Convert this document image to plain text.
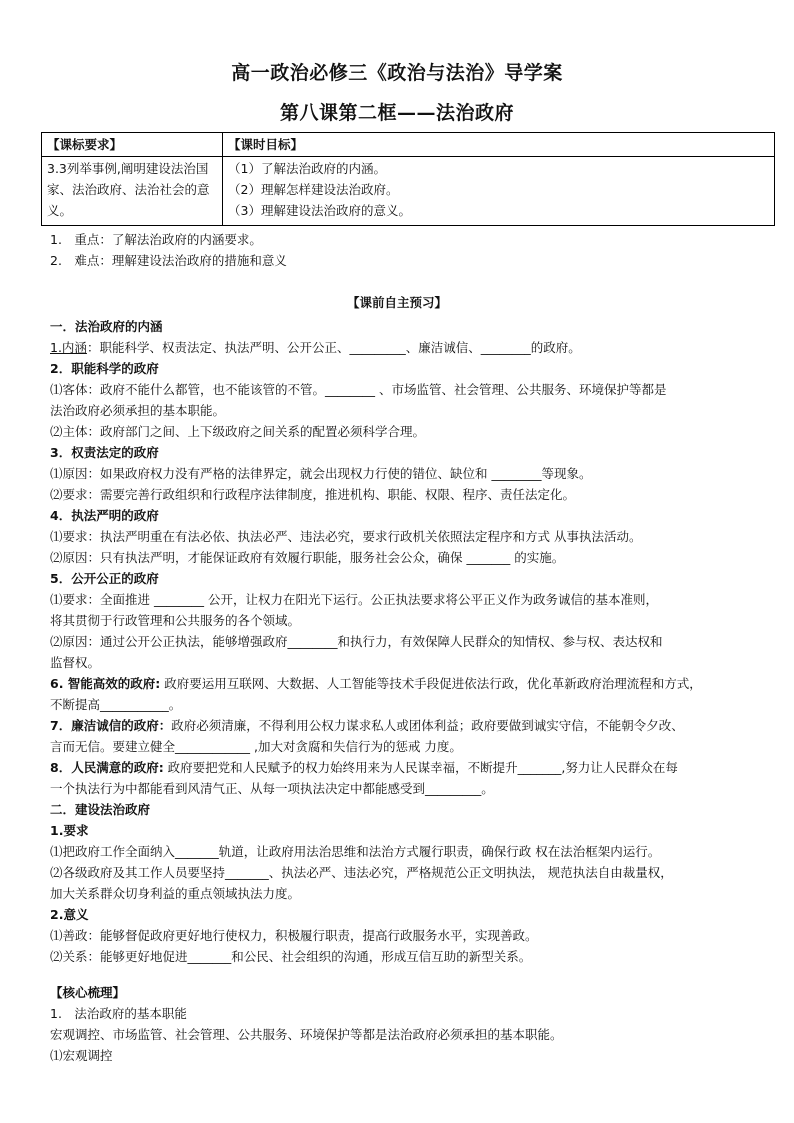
高一政治必修三《政治与法治》导学案
第八课第二框——法治政府
【课标要求】	【课时目标】
3.3列举事例,阐明建设法治国家、法治政府、法治社会的意义。	（1）了解法治政府的内涵。

（2）理解怎样建设法治政府。

（3）理解建设法治政府的意义。

1.　重点：了解法治政府的内涵要求。

2.　难点：理解建设法治政府的措施和意义

【课前自主预习】

一．法治政府的内涵

1.内涵：职能科学、权责法定、执法严明、公开公正、_________、廉洁诚信、________的政府。

2．职能科学的政府

⑴客体：政府不能什么都管，也不能该管的不管。________ 、市场监管、社会管理、公共服务、环境保护等都是

法治政府必须承担的基本职能。

⑵主体：政府部门之间、上下级政府之间关系的配置必须科学合理。

3．权责法定的政府

⑴原因：如果政府权力没有严格的法律界定，就会出现权力行使的错位、缺位和 ________等现象。

⑵要求：需要完善行政组织和行政程序法律制度，推进机构、职能、权限、程序、责任法定化。

4．执法严明的政府

⑴要求：执法严明重在有法必依、执法必严、违法必究，要求行政机关依照法定程序和方式 从事执法活动。

⑵原因：只有执法严明，才能保证政府有效履行职能，服务社会公众，确保 _______ 的实施。

5．公开公正的政府

⑴要求：全面推进 ________ 公开，让权力在阳光下运行。公正执法要求将公平正义作为政务诚信的基本准则，

将其贯彻于行政管理和公共服务的各个领域。

⑵原因：通过公开公正执法，能够增强政府________和执行力，有效保障人民群众的知情权、参与权、表达权和

监督权。

6. 智能高效的政府: 政府要运用互联网、大数据、人工智能等技术手段促进依法行政，优化革新政府治理流程和方式，

不断提高___________。

7．廉洁诚信的政府：政府必须清廉，不得利用公权力谋求私人或团体利益；政府要做到诚实守信，不能朝令夕改、

言而无信。要建立健全____________ ,加大对贪腐和失信行为的惩戒 力度。

8．人民满意的政府: 政府要把党和人民赋予的权力始终用来为人民谋幸福，不断提升_______,努力让人民群众在每

一个执法行为中都能看到风清气正、从每一项执法决定中都能感受到_________。

二．建设法治政府

1.要求

⑴把政府工作全面纳入_______轨道，让政府用法治思维和法治方式履行职责，确保行政 权在法治框架内运行。

⑵各级政府及其工作人员要坚持_______、执法必严、违法必究，严格规范公正文明执法， 规范执法自由裁量权，

加大关系群众切身利益的重点领域执法力度。

2.意义

⑴善政：能够督促政府更好地行使权力，积极履行职责，提高行政服务水平，实现善政。

⑵关系：能够更好地促进_______和公民、社会组织的沟通，形成互信互助的新型关系。

【核心梳理】

1.　法治政府的基本职能

宏观调控、市场监管、社会管理、公共服务、环境保护等都是法治政府必须承担的基本职能。

⑴宏观调控
